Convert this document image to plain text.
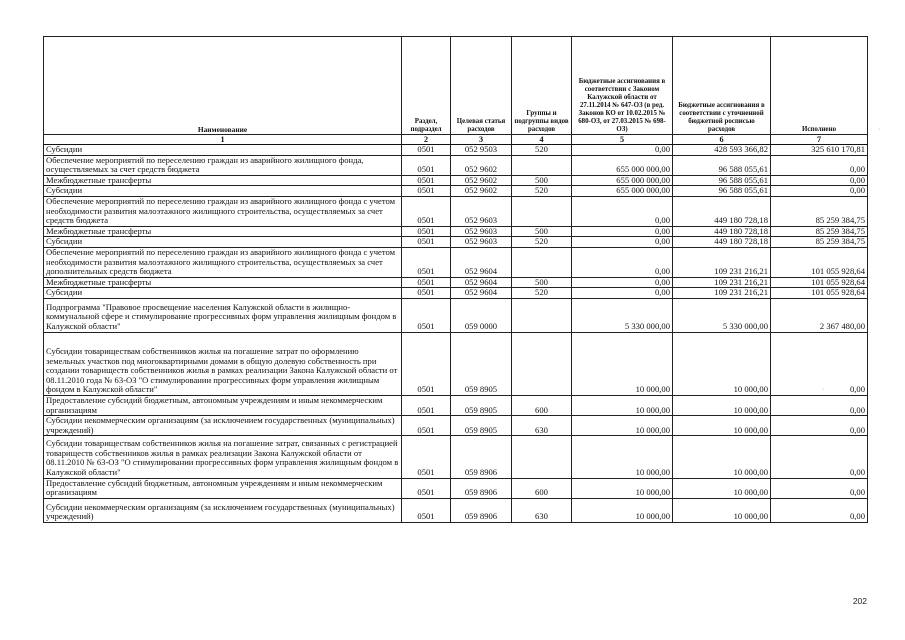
Наименование	Раздел, подраздел	Целевая статья расходов	Группы и подгруппы видов расходов	Бюджетные ассигнования в соответствии с Законом Калужской области от 27.11.2014 № 647-ОЗ (в ред. Законов КО от 10.02.2015 № 680-ОЗ, от 27.03.2015 № 698-ОЗ)	Бюджетные ассигнования в соответствии с уточненной бюджетной росписью расходов	Исполнено
1	2	3	4	5	6	7
Субсидии	0501	052 9503	520	0,00	428 593 366,82	325 610 170,81
Обеспечение мероприятий по переселению граждан из аварийного жилищного фонда, осуществляемых за счет средств бюджета	0501	052 9602		655 000 000,00	96 588 055,61	0,00
Межбюджетные трансферты	0501	052 9602	500	655 000 000,00	96 588 055,61	0,00
Субсидии	0501	052 9602	520	655 000 000,00	96 588 055,61	0,00
Обеспечение мероприятий по переселению граждан из аварийного жилищного фонда с учетом необходимости развития малоэтажного жилищного строительства, осуществляемых за счет средств бюджета	0501	052 9603		0,00	449 180 728,18	85 259 384,75
Межбюджетные трансферты	0501	052 9603	500	0,00	449 180 728,18	85 259 384,75
Субсидии	0501	052 9603	520	0,00	449 180 728,18	85 259 384,75
Обеспечение мероприятий по переселению граждан из аварийного жилищного фонда с учетом необходимости развития малоэтажного жилищного строительства, осуществляемых за счет дополнительных средств бюджета	0501	052 9604		0,00	109 231 216,21	101 055 928,64
Межбюджетные трансферты	0501	052 9604	500	0,00	109 231 216,21	101 055 928,64
Субсидии	0501	052 9604	520	0,00	109 231 216,21	101 055 928,64
Подпрограмма "Правовое просвещение населения Калужской области в жилищно-коммунальной сфере и стимулирование прогрессивных форм управления жилищным фондом в Калужской области"	0501	059 0000		5 330 000,00	5 330 000,00	2 367 480,00
Субсидии товариществам собственников жилья на погашение затрат по оформлению земельных участков под многоквартирными домами в общую долевую собственность при создании товариществ собственников жилья в рамках реализации Закона Калужской области от 08.11.2010 года № 63-ОЗ "О стимулировании прогрессивных форм управления жилищным фондом в Калужской области"	0501	059 8905		10 000,00	10 000,00	0,00
Предоставление субсидий бюджетным, автономным учреждениям и иным некоммерческим организациям	0501	059 8905	600	10 000,00	10 000,00	0,00
Субсидии некоммерческим организациям (за исключением государственных (муниципальных) учреждений)	0501	059 8905	630	10 000,00	10 000,00	0,00
Субсидии товариществам собственников жилья на погашение затрат, связанных с регистрацией товариществ собственников жилья в рамках реализации Закона Калужской области от 08.11.2010 № 63-ОЗ "О стимулировании прогрессивных форм управления жилищным фондом в Калужской области"	0501	059 8906		10 000,00	10 000,00	0,00
Предоставление субсидий бюджетным, автономным учреждениям и иным некоммерческим организациям	0501	059 8906	600	10 000,00	10 000,00	0,00
Субсидии некоммерческим организациям (за исключением государственных (муниципальных) учреждений)	0501	059 8906	630	10 000,00	10 000,00	0,00
202
·
·
